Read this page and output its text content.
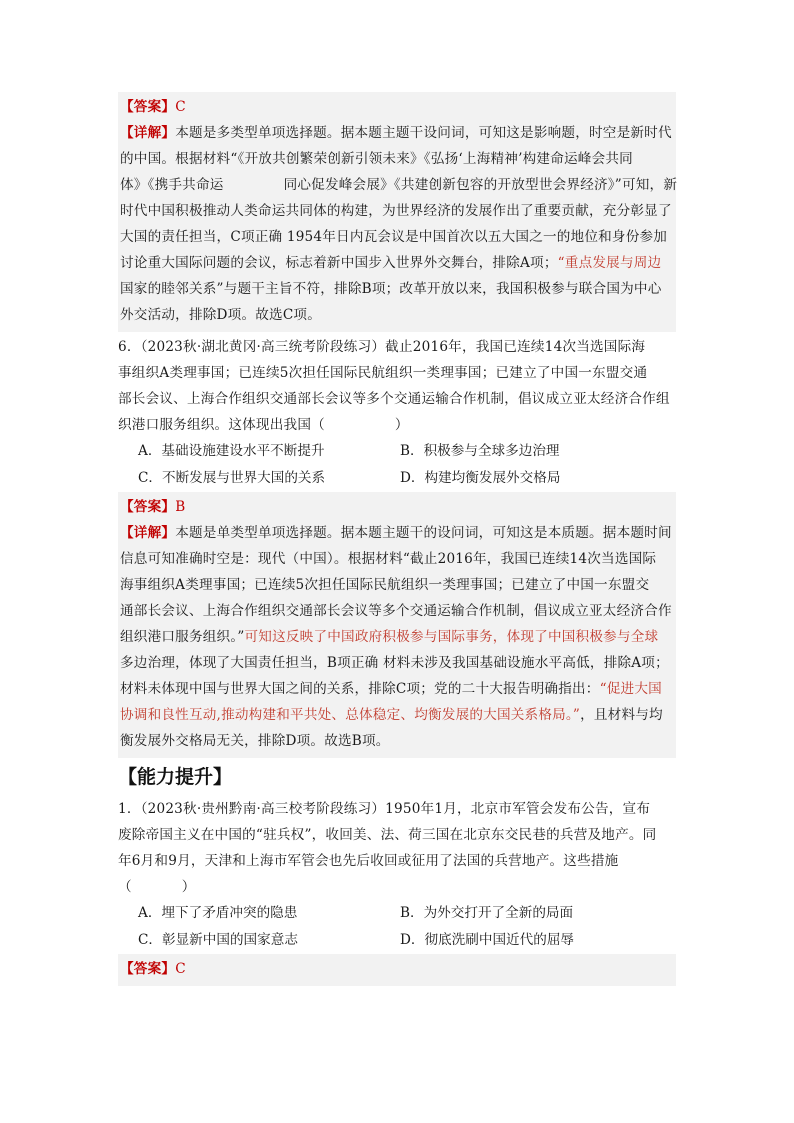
【答案】C
【详解】本题是多类型单项选择题。据本题主题干设问词，可知这是影响题，时空是新时代
的中国。根据材料“《开放共创繁荣创新引领未来》《弘扬‘上海精神’构建命运峰会共同
体》《携手共命运	同心促发峰会展》《共建创新包容的开放型世会界经济》”可知，新
时代中国积极推动人类命运共同体的构建，为世界经济的发展作出了重要贡献，充分彰显了
大国的责任担当，C项正确 1954年日内瓦会议是中国首次以五大国之一的地位和身份参加
讨论重大国际问题的会议，标志着新中国步入世界外交舞台，排除A项；“重点发展与周边
国家的睦邻关系”与题干主旨不符，排除B项；改革开放以来，我国积极参与联合国为中心
外交活动，排除D项。故选C项。
6．（2023秋·湖北黄冈·高三统考阶段练习）截止2016年，我国已连续14次当选国际海
事组织A类理事国；已连续5次担任国际民航组织一类理事国；已建立了中国一东盟交通
部长会议、上海合作组织交通部长会议等多个交通运输合作机制，倡议成立亚太经济合作组
织港口服务组织。这体现出我国（	）
A．基础设施建设水平不断提升	B．积极参与全球多边治理
C．不断发展与世界大国的关系	D．构建均衡发展外交格局
【答案】B
【详解】本题是单类型单项选择题。据本题主题干的设问词，可知这是本质题。据本题时间
信息可知准确时空是：现代（中国）。根据材料“截止2016年，我国已连续14次当选国际
海事组织A类理事国；已连续5次担任国际民航组织一类理事国；已建立了中国一东盟交
通部长会议、上海合作组织交通部长会议等多个交通运输合作机制，倡议成立亚太经济合作
组织港口服务组织。”可知这反映了中国政府积极参与国际事务，体现了中国积极参与全球
多边治理，体现了大国责任担当，B项正确 材料未涉及我国基础设施水平高低，排除A项；
材料未体现中国与世界大国之间的关系，排除C项；党的二十大报告明确指出：“促进大国
协调和良性互动,推动构建和平共处、总体稳定、均衡发展的大国关系格局。”，且材料与均
衡发展外交格局无关，排除D项。故选B项。
【能力提升】
1．（2023秋·贵州黔南·高三校考阶段练习）1950年1月，北京市军管会发布公告，宣布
废除帝国主义在中国的“驻兵权”，收回美、法、荷三国在北京东交民巷的兵营及地产。同
年6月和9月，天津和上海市军管会也先后收回或征用了法国的兵营地产。这些措施
（	）
A．埋下了矛盾冲突的隐患	B．为外交打开了全新的局面
C．彰显新中国的国家意志	D．彻底洗刷中国近代的屈辱
【答案】C
